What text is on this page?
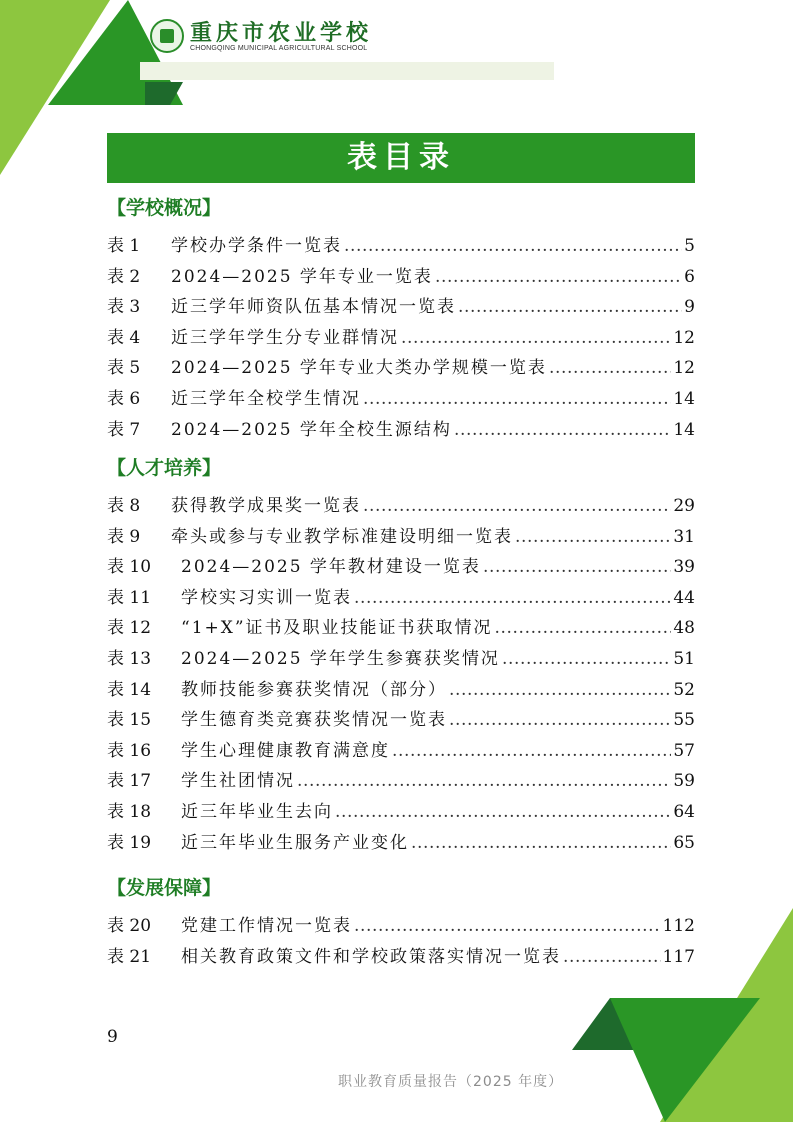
重庆市农业学校
CHONGQING MUNICIPAL AGRICULTURAL SCHOOL
表目录
【学校概况】
表 1	学校办学条件一览表 .....	5
表 2	2024—2025 学年专业一览表 .....	6
表 3	近三学年师资队伍基本情况一览表 .....	9
表 4	近三学年学生分专业群情况 .....	12
表 5	2024—2025 学年专业大类办学规模一览表 .....	12
表 6	近三学年全校学生情况 .....	14
表 7	2024—2025 学年全校生源结构 .....	14
【人才培养】
表 8	获得教学成果奖一览表 .....	29
表 9	牵头或参与专业教学标准建设明细一览表 .....	31
表 10	2024—2025 学年教材建设一览表 .....	39
表 11	学校实习实训一览表 .....	44
表 12	“1+X”证书及职业技能证书获取情况 .....	48
表 13	2024—2025 学年学生参赛获奖情况 .....	51
表 14	教师技能参赛获奖情况（部分） .....	52
表 15	学生德育类竞赛获奖情况一览表 .....	55
表 16	学生心理健康教育满意度 .....	57
表 17	学生社团情况 .....	59
表 18	近三年毕业生去向 .....	64
表 19	近三年毕业生服务产业变化 .....	65
【发展保障】
表 20	党建工作情况一览表 .....	112
表 21	相关教育政策文件和学校政策落实情况一览表 .....	117
9
职业教育质量报告（2025 年度）
